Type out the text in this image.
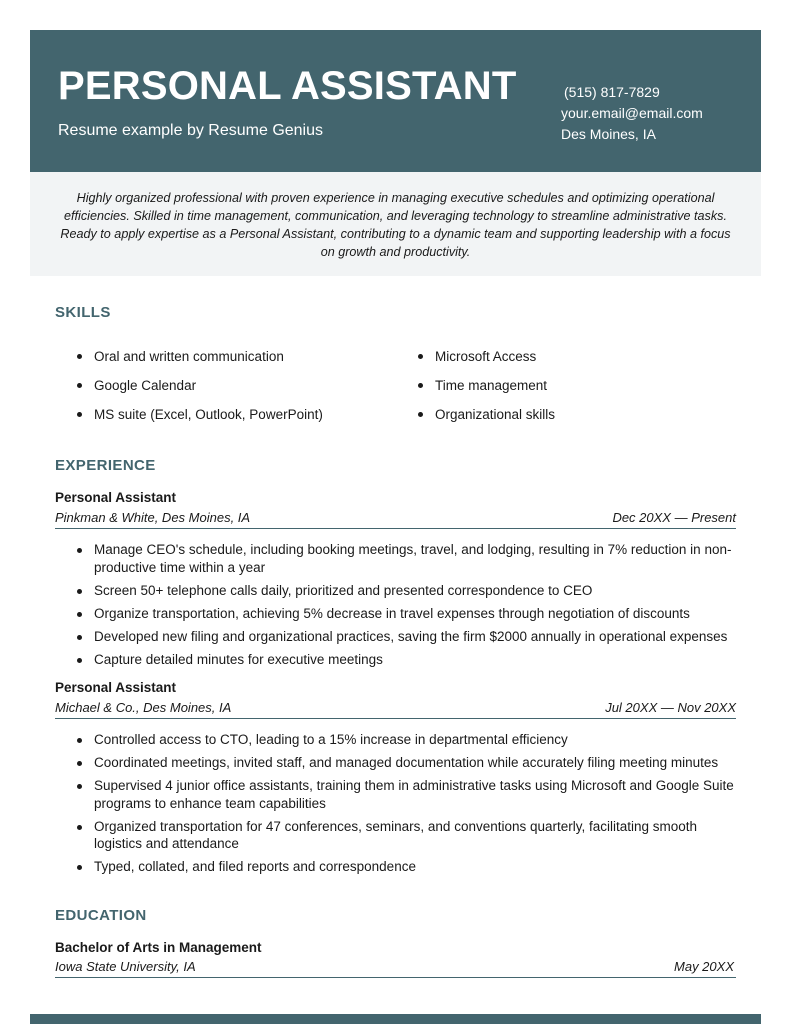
PERSONAL ASSISTANT
Resume example by Resume Genius
(515) 817-7829
your.email@email.com
Des Moines, IA
Highly organized professional with proven experience in managing executive schedules and optimizing operational efficiencies. Skilled in time management, communication, and leveraging technology to streamline administrative tasks. Ready to apply expertise as a Personal Assistant, contributing to a dynamic team and supporting leadership with a focus on growth and productivity.
SKILLS
Oral and written communication
Google Calendar
MS suite (Excel, Outlook, PowerPoint)
Microsoft Access
Time management
Organizational skills
EXPERIENCE
Personal Assistant
Pinkman & White, Des Moines, IA	Dec 20XX — Present
Manage CEO's schedule, including booking meetings, travel, and lodging, resulting in 7% reduction in non-productive time within a year
Screen 50+ telephone calls daily, prioritized and presented correspondence to CEO
Organize transportation, achieving 5% decrease in travel expenses through negotiation of discounts
Developed new filing and organizational practices, saving the firm $2000 annually in operational expenses
Capture detailed minutes for executive meetings
Personal Assistant
Michael & Co., Des Moines, IA	Jul 20XX — Nov 20XX
Controlled access to CTO, leading to a 15% increase in departmental efficiency
Coordinated meetings, invited staff, and managed documentation while accurately filing meeting minutes
Supervised 4 junior office assistants, training them in administrative tasks using Microsoft and Google Suite programs to enhance team capabilities
Organized transportation for 47 conferences, seminars, and conventions quarterly, facilitating smooth logistics and attendance
Typed, collated, and filed reports and correspondence
EDUCATION
Bachelor of Arts in Management
Iowa State University, IA	May 20XX
